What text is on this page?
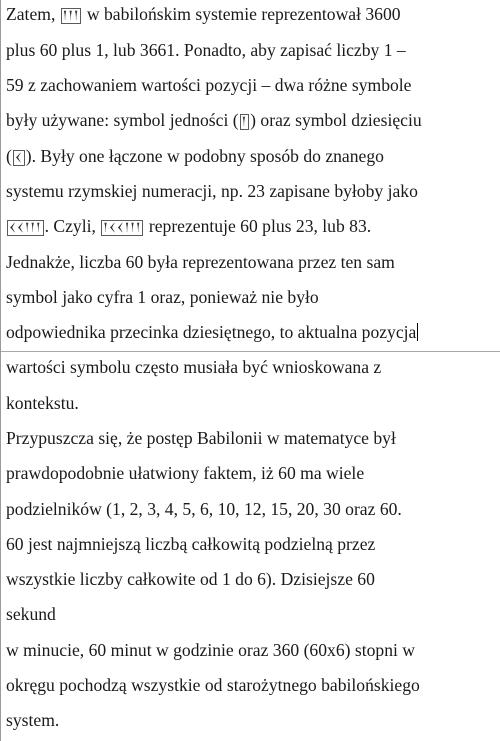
Zatem, 𒁹𒁹𒁹 w babilońskim systemie reprezentował 3600
plus 60 plus 1, lub 3661. Ponadto, aby zapisać liczby 1 –
59 z zachowaniem wartości pozycji – dwa różne symbole
były używane: symbol jedności ( 𒁹 ) oraz symbol dziesięciu
( 𒌋 ). Były one łączone w podobny sposób do znanego
systemu rzymskiej numeracji, np. 23 zapisane byłoby jako
𒌋𒌋𒁹𒁹𒁹 . Czyli, 𒁹𒌋𒌋𒁹𒁹𒁹 reprezentuje 60 plus 23, lub 83.
Jednakże, liczba 60 była reprezentowana przez ten sam
symbol jako cyfra 1 oraz, ponieważ nie było
odpowiednika przecinka dziesiętnego, to aktualna pozycja
wartości symbolu często musiała być wnioskowana z
kontekstu.
Przypuszcza się, że postęp Babilonii w matematyce był
prawdopodobnie ułatwiony faktem, iż 60 ma wiele
podzielników (1, 2, 3, 4, 5, 6, 10, 12, 15, 20, 30 oraz 60.
60 jest najmniejszą liczbą całkowitą podzielną przez
wszystkie liczby całkowite od 1 do 6). Dzisiejsze 60
sekund
w minucie, 60 minut w godzinie oraz 360 (60x6) stopni w
okręgu pochodzą wszystkie od starożytnego babilońskiego
system.
